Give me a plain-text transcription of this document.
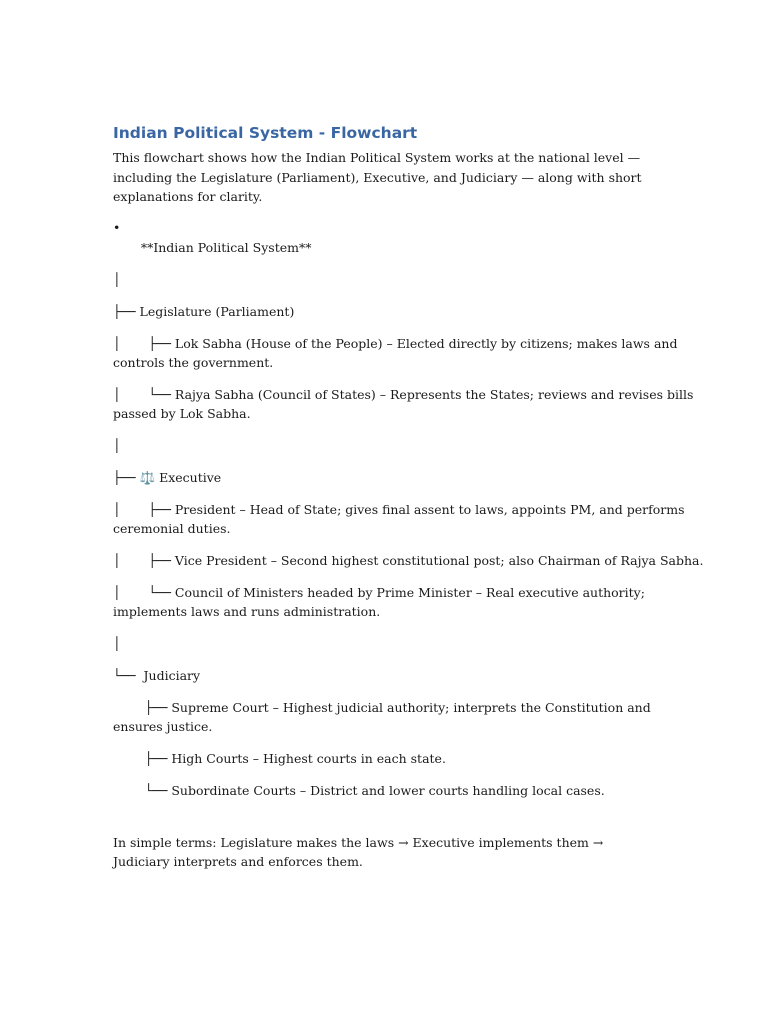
Indian Political System - Flowchart

This flowchart shows how the Indian Political System works at the national level — including the Legislature (Parliament), Executive, and Judiciary — along with short explanations for clarity.

•
**Indian Political System**
│
├── Legislature (Parliament)
│       ├── Lok Sabha (House of the People) – Elected directly by citizens; makes laws and
controls the government.
│       └── Rajya Sabha (Council of States) – Represents the States; reviews and revises bills
passed by Lok Sabha.
│
├── ⚖️ Executive
│       ├── President – Head of State; gives final assent to laws, appoints PM, and performs
ceremonial duties.
│       ├── Vice President – Second highest constitutional post; also Chairman of Rajya Sabha.
│       └── Council of Ministers headed by Prime Minister – Real executive authority;
implements laws and runs administration.
│
└──  Judiciary
├── Supreme Court – Highest judicial authority; interprets the Constitution and
ensures justice.
├── High Courts – Highest courts in each state.
└── Subordinate Courts – District and lower courts handling local cases.

In simple terms: Legislature makes the laws → Executive implements them → Judiciary interprets and enforces them.
